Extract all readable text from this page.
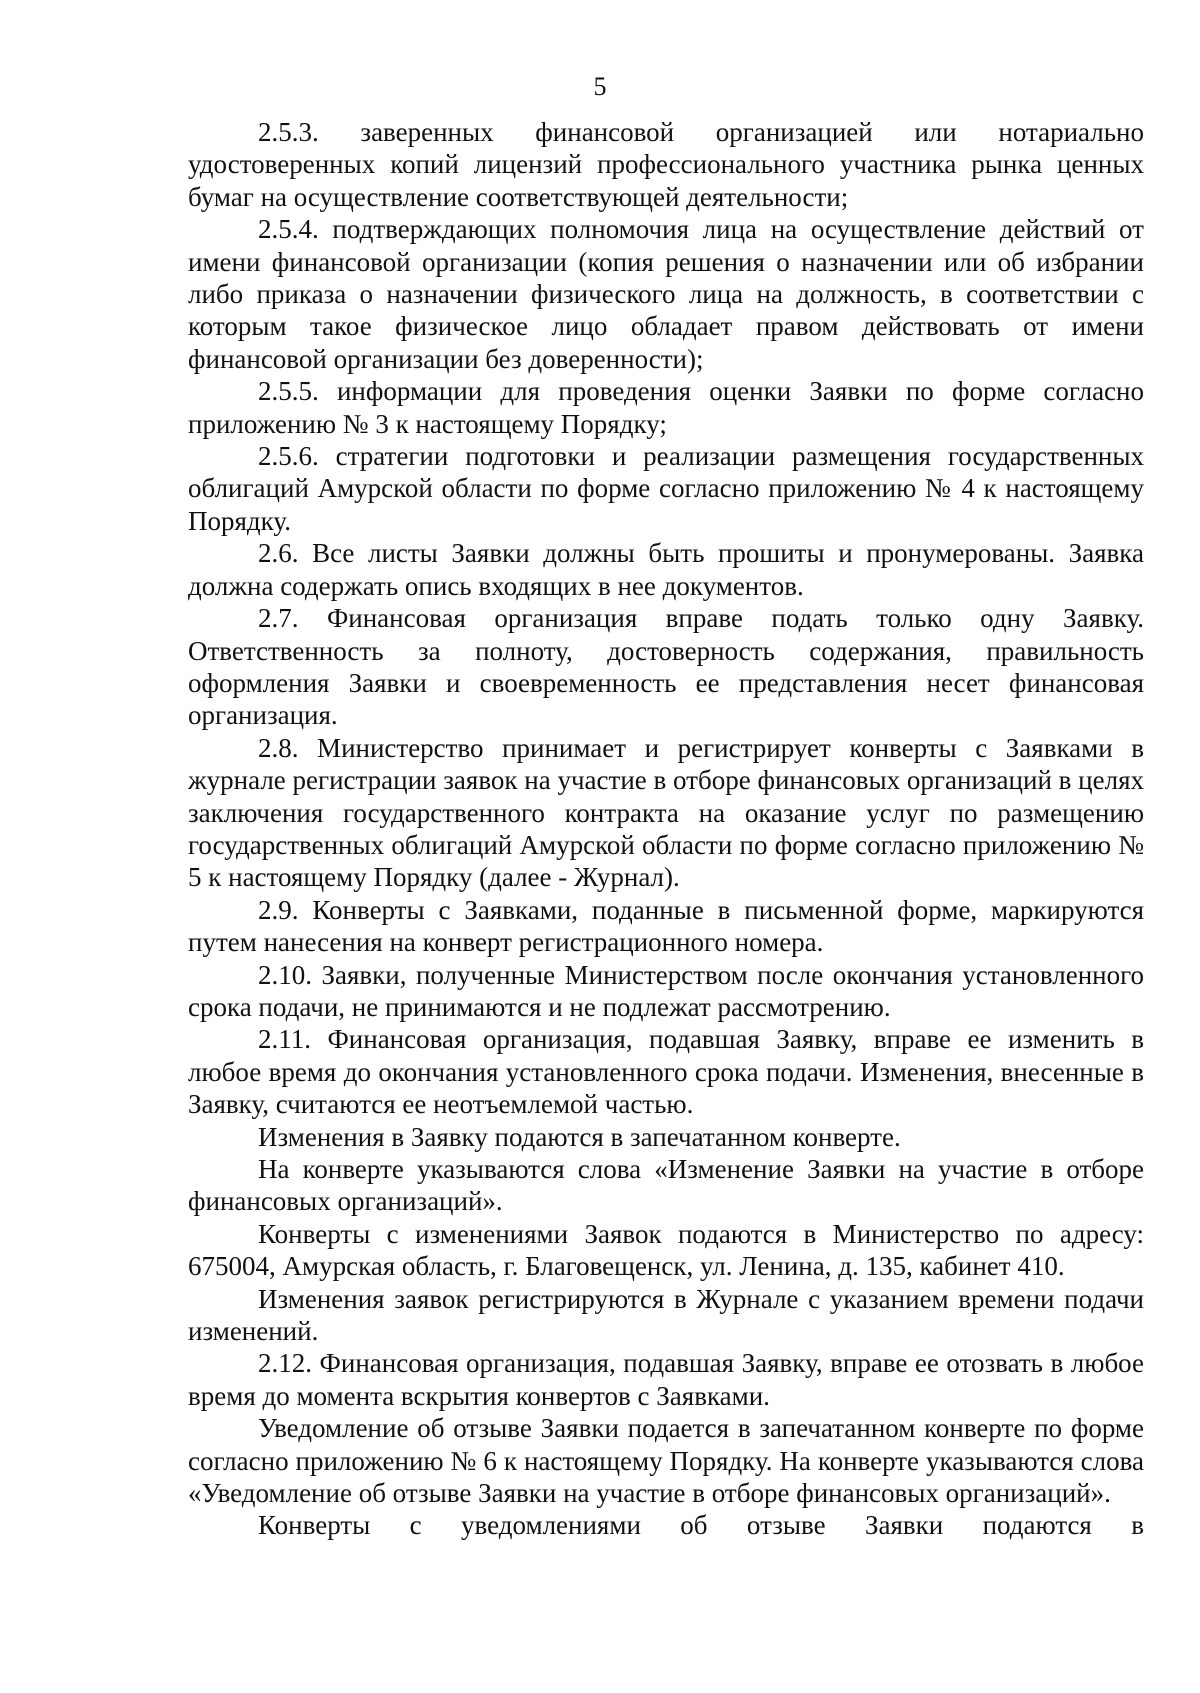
5

2.5.3. заверенных финансовой организацией или нотариально удостоверенных копий лицензий профессионального участника рынка ценных бумаг на осуществление соответствующей деятельности;

2.5.4. подтверждающих полномочия лица на осуществление действий от имени финансовой организации (копия решения о назначении или об избрании либо приказа о назначении физического лица на должность, в соответствии с которым такое физическое лицо обладает правом действовать от имени финансовой организации без доверенности);

2.5.5. информации для проведения оценки Заявки по форме согласно приложению № 3 к настоящему Порядку;

2.5.6. стратегии подготовки и реализации размещения государственных облигаций Амурской области по форме согласно приложению № 4 к настоящему Порядку.

2.6. Все листы Заявки должны быть прошиты и пронумерованы. Заявка должна содержать опись входящих в нее документов.

2.7. Финансовая организация вправе подать только одну Заявку. Ответственность за полноту, достоверность содержания, правильность оформления Заявки и своевременность ее представления несет финансовая организация.

2.8. Министерство принимает и регистрирует конверты с Заявками в журнале регистрации заявок на участие в отборе финансовых организаций в целях заключения государственного контракта на оказание услуг по размещению государственных облигаций Амурской области по форме согласно приложению № 5 к настоящему Порядку (далее - Журнал).

2.9. Конверты с Заявками, поданные в письменной форме, маркируются путем нанесения на конверт регистрационного номера.

2.10. Заявки, полученные Министерством после окончания установленного срока подачи, не принимаются и не подлежат рассмотрению.

2.11. Финансовая организация, подавшая Заявку, вправе ее изменить в любое время до окончания установленного срока подачи. Изменения, внесенные в Заявку, считаются ее неотъемлемой частью.

Изменения в Заявку подаются в запечатанном конверте.

На конверте указываются слова «Изменение Заявки на участие в отборе финансовых организаций».

Конверты с изменениями Заявок подаются в Министерство по адресу: 675004, Амурская область, г. Благовещенск, ул. Ленина, д. 135, кабинет 410.

Изменения заявок регистрируются в Журнале с указанием времени подачи изменений.

2.12. Финансовая организация, подавшая Заявку, вправе ее отозвать в любое время до момента вскрытия конвертов с Заявками.

Уведомление об отзыве Заявки подается в запечатанном конверте по форме согласно приложению № 6 к настоящему Порядку. На конверте указываются слова «Уведомление об отзыве Заявки на участие в отборе финансовых организаций».

Конверты с уведомлениями об отзыве Заявки подаются в
